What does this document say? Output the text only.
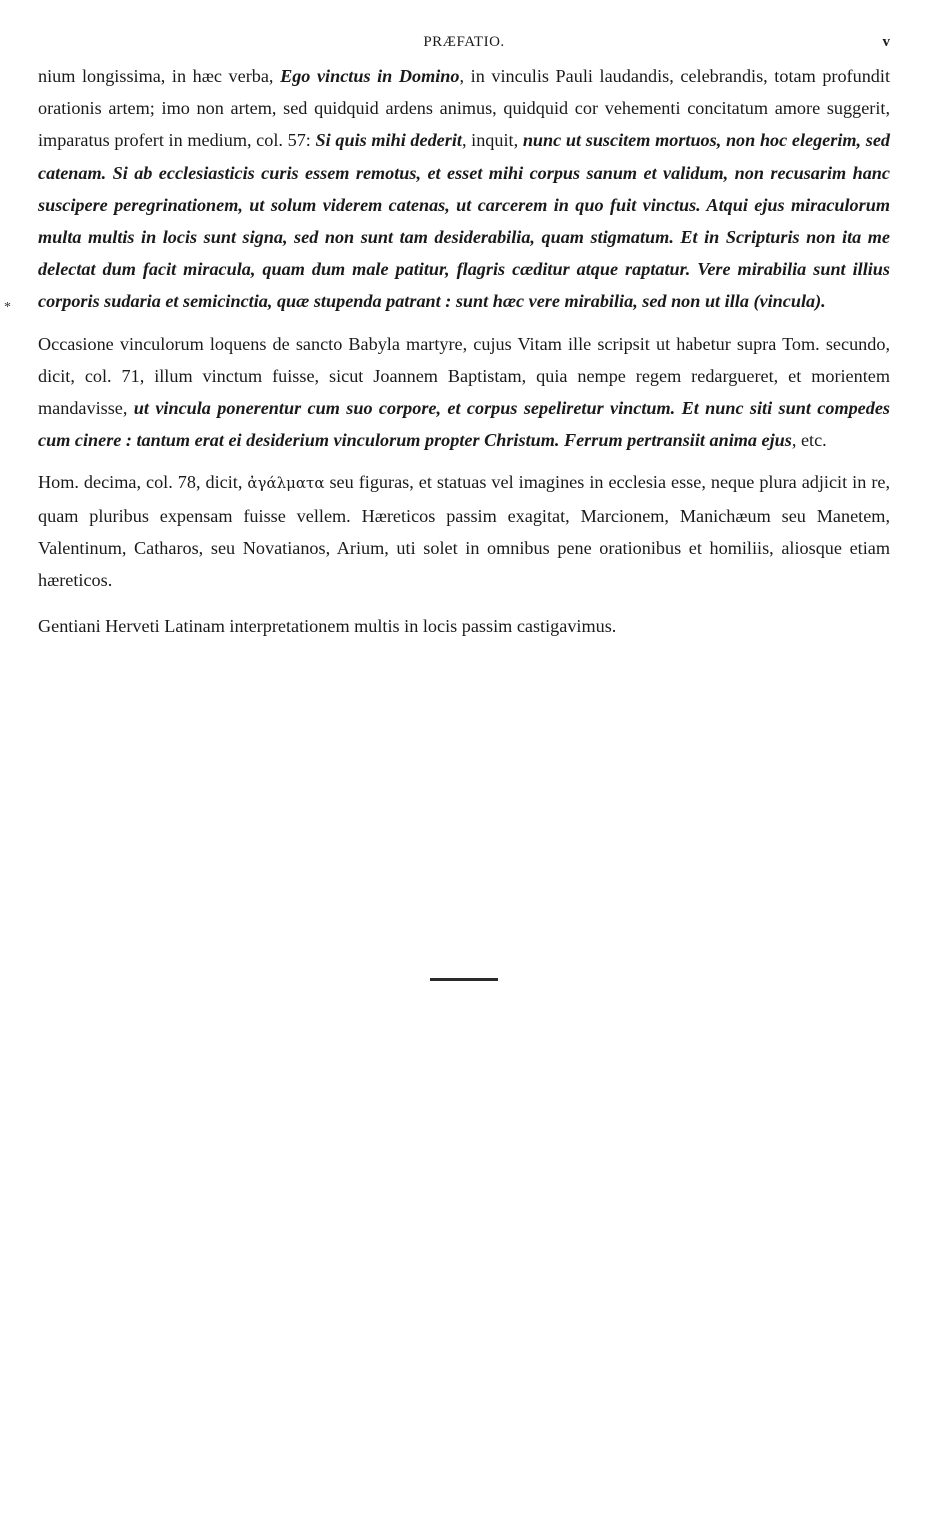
PRÆFATIO.	v
*

nium longissima, in hæc verba, Ego vinctus in Domino, in vinculis Pauli laudandis, celebrandis, totam profundit orationis artem; imo non artem, sed quidquid ardens animus, quidquid cor vehementi concitatum amore suggerit, imparatus profert in medium, col. 57: Si quis mihi dederit, inquit, nunc ut suscitem mortuos, non hoc elegerim, sed catenam. Si ab ecclesiasticis curis essem remotus, et esset mihi corpus sanum et validum, non recusarim hanc suscipere peregrinationem, ut solum viderem catenas, ut carcerem in quo fuit vinctus. Atqui ejus miraculorum multa multis in locis sunt signa, sed non sunt tam desiderabilia, quam stigmatum. Et in Scripturis non ita me delectat dum facit miracula, quam dum male patitur, flagris cæditur atque raptatur. Vere mirabilia sunt illius corporis sudaria et semicinctia, quæ stupenda patrant : sunt hæc vere mirabilia, sed non ut illa (vincula).

Occasione vinculorum loquens de sancto Babyla martyre, cujus Vitam ille scripsit ut habetur supra Tom. secundo, dicit, col. 71, illum vinctum fuisse, sicut Joannem Baptistam, quia nempe regem redargueret, et morientem mandavisse, ut vincula ponerentur cum suo corpore, et corpus sepeliretur vinctum. Et nunc siti sunt compedes cum cinere : tantum erat ei desiderium vinculorum propter Christum. Ferrum pertransiit anima ejus, etc.

Hom. decima, col. 78, dicit, ἀγάλματα seu figuras, et statuas vel imagines in ecclesia esse, neque plura adjicit in re, quam pluribus expensam fuisse vellem. Hæreticos passim exagitat, Marcionem, Manichæum seu Manetem, Valentinum, Catharos, seu Novatianos, Arium, uti solet in omnibus pene orationibus et homiliis, aliosque etiam hæreticos.

Gentiani Herveti Latinam interpretationem multis in locis passim castigavimus.
